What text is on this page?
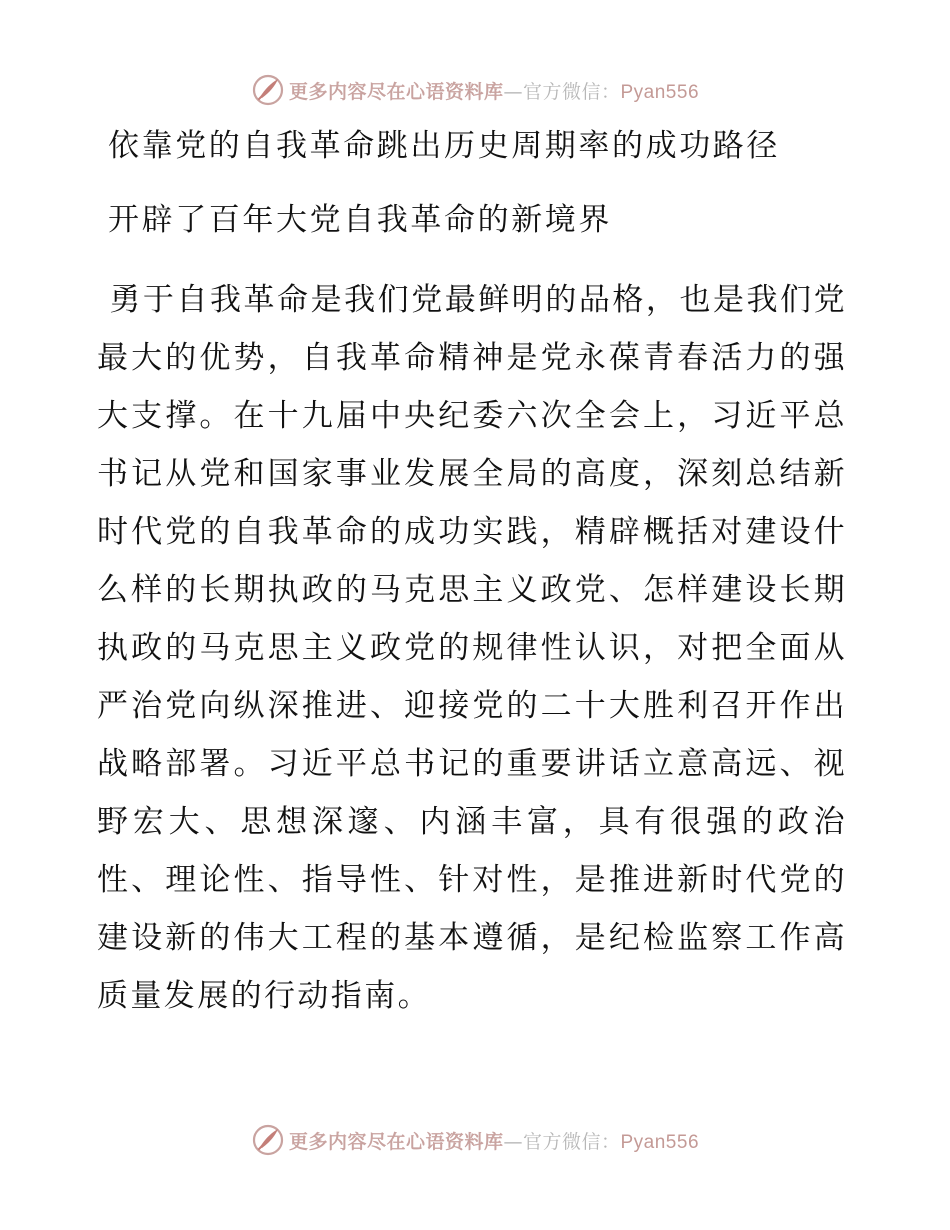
更多内容尽在心语资料库—官方微信：Pyan556
依靠党的自我革命跳出历史周期率的成功路径
开辟了百年大党自我革命的新境界

勇于自我革命是我们党最鲜明的品格，也是我们党最大的优势，自我革命精神是党永葆青春活力的强大支撑。在十九届中央纪委六次全会上，习近平总书记从党和国家事业发展全局的高度，深刻总结新时代党的自我革命的成功实践，精辟概括对建设什么样的长期执政的马克思主义政党、怎样建设长期执政的马克思主义政党的规律性认识，对把全面从严治党向纵深推进、迎接党的二十大胜利召开作出战略部署。习近平总书记的重要讲话立意高远、视野宏大、思想深邃、内涵丰富，具有很强的政治性、理论性、指导性、针对性，是推进新时代党的建设新的伟大工程的基本遵循，是纪检监察工作高质量发展的行动指南。

更多内容尽在心语资料库—官方微信：Pyan556
